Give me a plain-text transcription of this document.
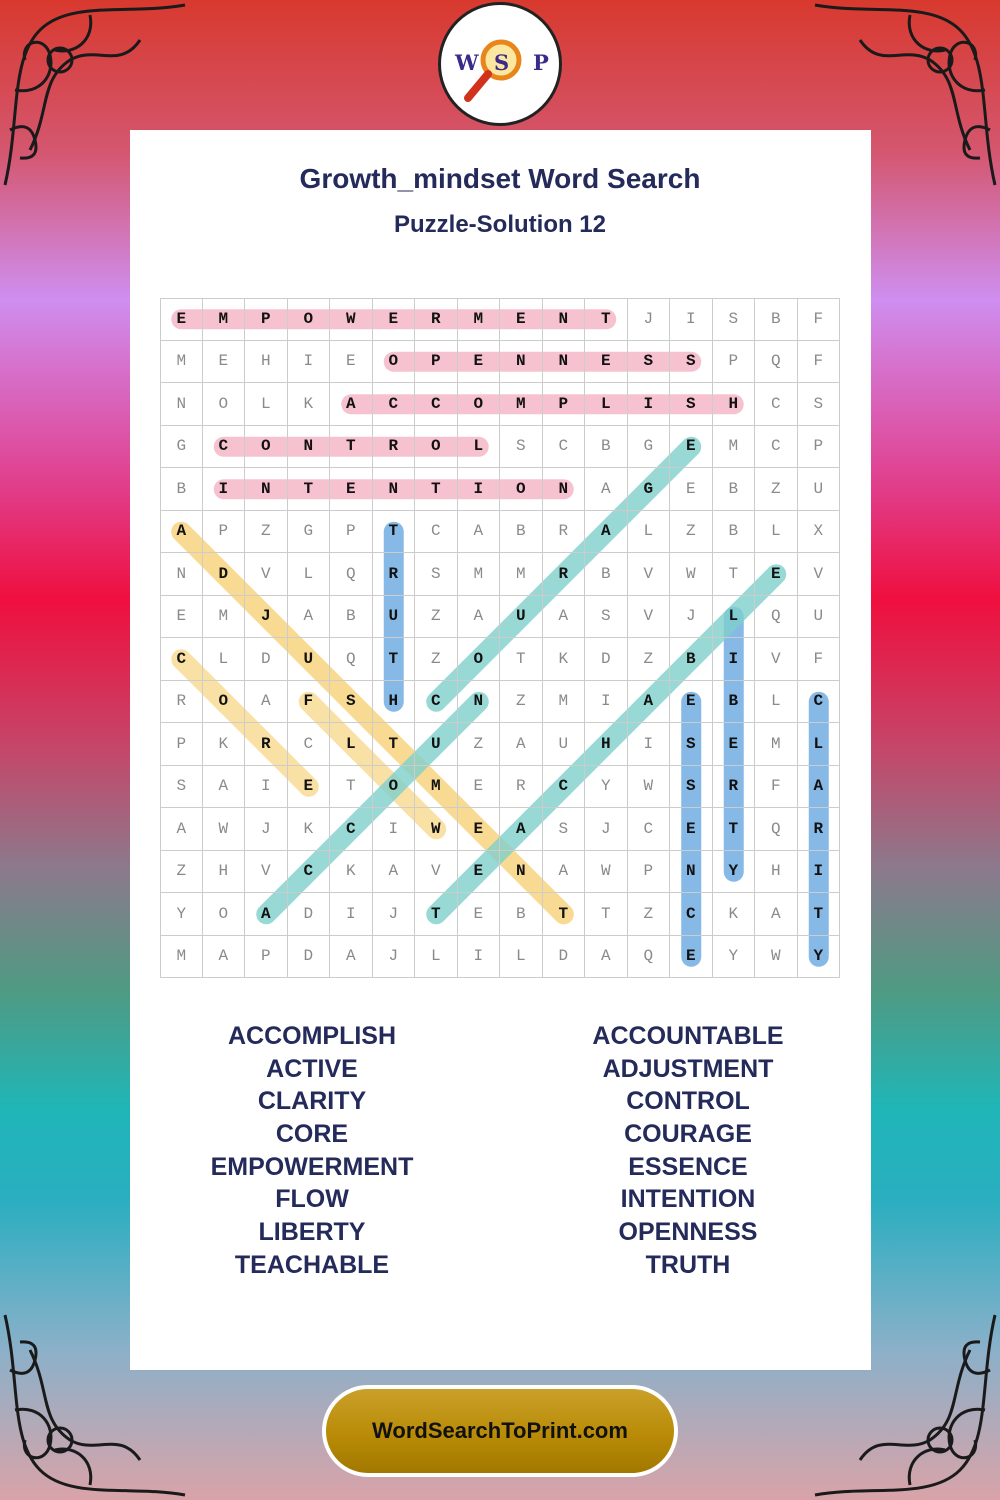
W S P
Growth_mindset Word Search
Puzzle-Solution 12
E	M	P	O	W	E	R	M	E	N	T	J	I	S	B	F
M	E	H	I	E	O	P	E	N	N	E	S	S	P	Q	F
N	O	L	K	A	C	C	O	M	P	L	I	S	H	C	S
G	C	O	N	T	R	O	L	S	C	B	G	E	M	C	P
B	I	N	T	E	N	T	I	O	N	A	G	E	B	Z	U
A	P	Z	G	P	T	C	A	B	R	A	L	Z	B	L	X
N	D	V	L	Q	R	S	M	M	R	B	V	W	T	E	V
E	M	J	A	B	U	Z	A	U	A	S	V	J	L	Q	U
C	L	D	U	Q	T	Z	O	T	K	D	Z	B	I	V	F
R	O	A	F	S	H	C	N	Z	M	I	A	E	B	L	C
P	K	R	C	L	T	U	Z	A	U	H	I	S	E	M	L
S	A	I	E	T	O	M	E	R	C	Y	W	S	R	F	A
A	W	J	K	C	I	W	E	A	S	J	C	E	T	Q	R
Z	H	V	C	K	A	V	E	N	A	W	P	N	Y	H	I
Y	O	A	D	I	J	T	E	B	T	T	Z	C	K	A	T
M	A	P	D	A	J	L	I	L	D	A	Q	E	Y	W	Y
ACCOMPLISH
ACTIVE
CLARITY
CORE
EMPOWERMENT
FLOW
LIBERTY
TEACHABLE
ACCOUNTABLE
ADJUSTMENT
CONTROL
COURAGE
ESSENCE
INTENTION
OPENNESS
TRUTH
WordSearchToPrint.com
